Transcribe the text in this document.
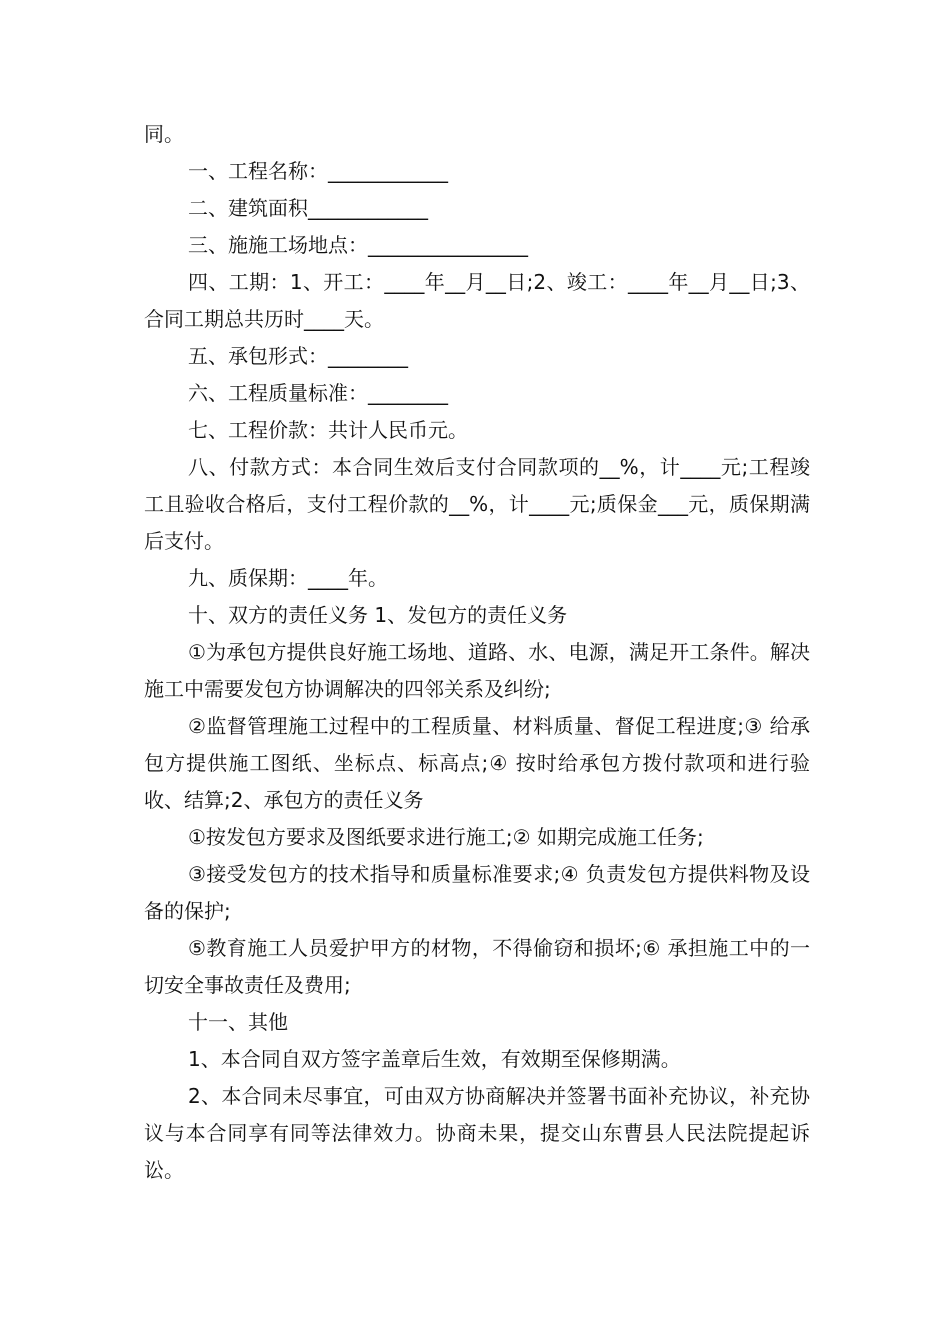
同。

一、工程名称：____________

二、建筑面积____________

三、施施工场地点：________________

四、工期：1、开工：____年__月__日;2、竣工：____年__月__日;3、合同工期总共历时____天。

五、承包形式：________

六、工程质量标准：________

七、工程价款：共计人民币元。

八、付款方式：本合同生效后支付合同款项的__%，计____元;工程竣工且验收合格后，支付工程价款的__%，计____元;质保金___元，质保期满后支付。

九、质保期：____年。

十、双方的责任义务 1、发包方的责任义务

①为承包方提供良好施工场地、道路、水、电源，满足开工条件。解决施工中需要发包方协调解决的四邻关系及纠纷;

②监督管理施工过程中的工程质量、材料质量、督促工程进度;③ 给承包方提供施工图纸、坐标点、标高点;④ 按时给承包方拨付款项和进行验收、结算;2、承包方的责任义务

①按发包方要求及图纸要求进行施工;② 如期完成施工任务;

③接受发包方的技术指导和质量标准要求;④ 负责发包方提供料物及设备的保护;

⑤教育施工人员爱护甲方的材物，不得偷窃和损坏;⑥ 承担施工中的一切安全事故责任及费用;

十一、其他

1、本合同自双方签字盖章后生效，有效期至保修期满。

2、本合同未尽事宜，可由双方协商解决并签署书面补充协议，补充协议与本合同享有同等法律效力。协商未果，提交山东曹县人民法院提起诉讼。
